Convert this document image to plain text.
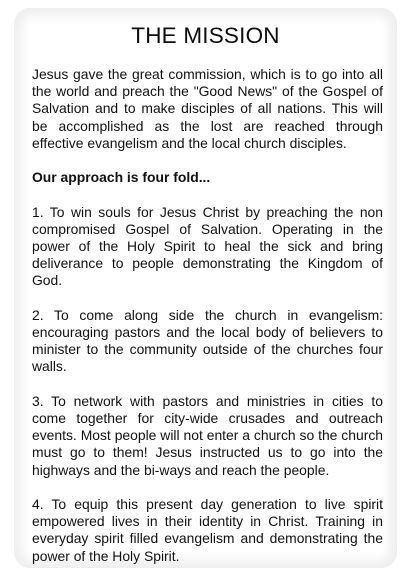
THE MISSION

Jesus gave the great commission, which is to go into all the world and preach the "Good News" of the Gospel of Salvation and to make disciples of all nations. This will be accomplished as the lost are reached through effective evangelism and the local church disciples.

Our approach is four fold...

1. To win souls for Jesus Christ by preaching the non compromised Gospel of Salvation. Operating in the power of the Holy Spirit to heal the sick and bring deliverance to people demonstrating the Kingdom of God.

2. To come along side the church in evangelism: encouraging pastors and the local body of believers to minister to the community outside of the churches four walls.

3. To network with pastors and ministries in cities to come together for city-wide crusades and outreach events. Most people will not enter a church so the church must go to them! Jesus instructed us to go into the highways and the bi-ways and reach the people.

4. To equip this present day generation to live spirit empowered lives in their identity in Christ. Training in everyday spirit filled evangelism and demonstrating the power of the Holy Spirit.
